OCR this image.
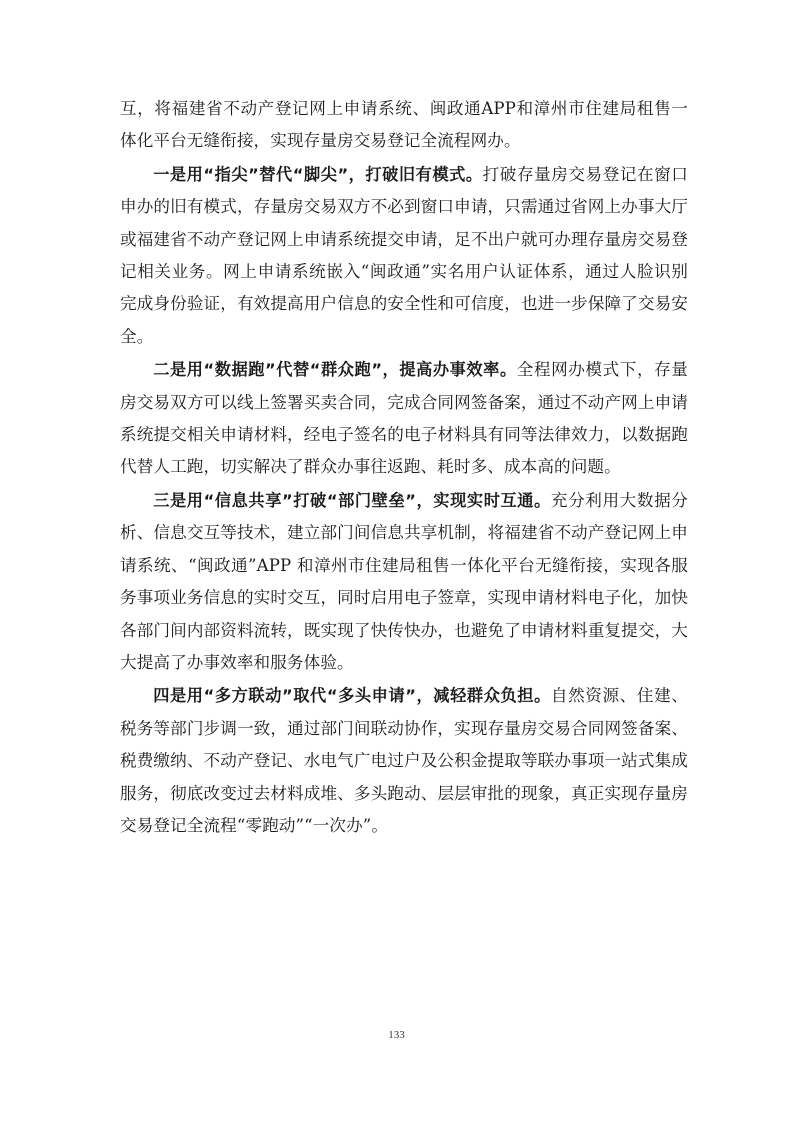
互，将福建省不动产登记网上申请系统、闽政通APP和漳州市住建局租售一体化平台无缝衔接，实现存量房交易登记全流程网办。

一是用“指尖”替代“脚尖”，打破旧有模式。打破存量房交易登记在窗口申办的旧有模式，存量房交易双方不必到窗口申请，只需通过省网上办事大厅或福建省不动产登记网上申请系统提交申请，足不出户就可办理存量房交易登记相关业务。网上申请系统嵌入“闽政通”实名用户认证体系，通过人脸识别完成身份验证，有效提高用户信息的安全性和可信度，也进一步保障了交易安全。

二是用“数据跑”代替“群众跑”，提高办事效率。全程网办模式下，存量房交易双方可以线上签署买卖合同，完成合同网签备案，通过不动产网上申请系统提交相关申请材料，经电子签名的电子材料具有同等法律效力，以数据跑代替人工跑，切实解决了群众办事往返跑、耗时多、成本高的问题。

三是用“信息共享”打破“部门壁垒”，实现实时互通。充分利用大数据分析、信息交互等技术，建立部门间信息共享机制，将福建省不动产登记网上申请系统、“闽政通”APP 和漳州市住建局租售一体化平台无缝衔接，实现各服务事项业务信息的实时交互，同时启用电子签章，实现申请材料电子化，加快各部门间内部资料流转，既实现了快传快办，也避免了申请材料重复提交，大大提高了办事效率和服务体验。

四是用“多方联动”取代“多头申请”，减轻群众负担。自然资源、住建、税务等部门步调一致，通过部门间联动协作，实现存量房交易合同网签备案、税费缴纳、不动产登记、水电气广电过户及公积金提取等联办事项一站式集成服务，彻底改变过去材料成堆、多头跑动、层层审批的现象，真正实现存量房交易登记全流程“零跑动”“一次办”。

133
